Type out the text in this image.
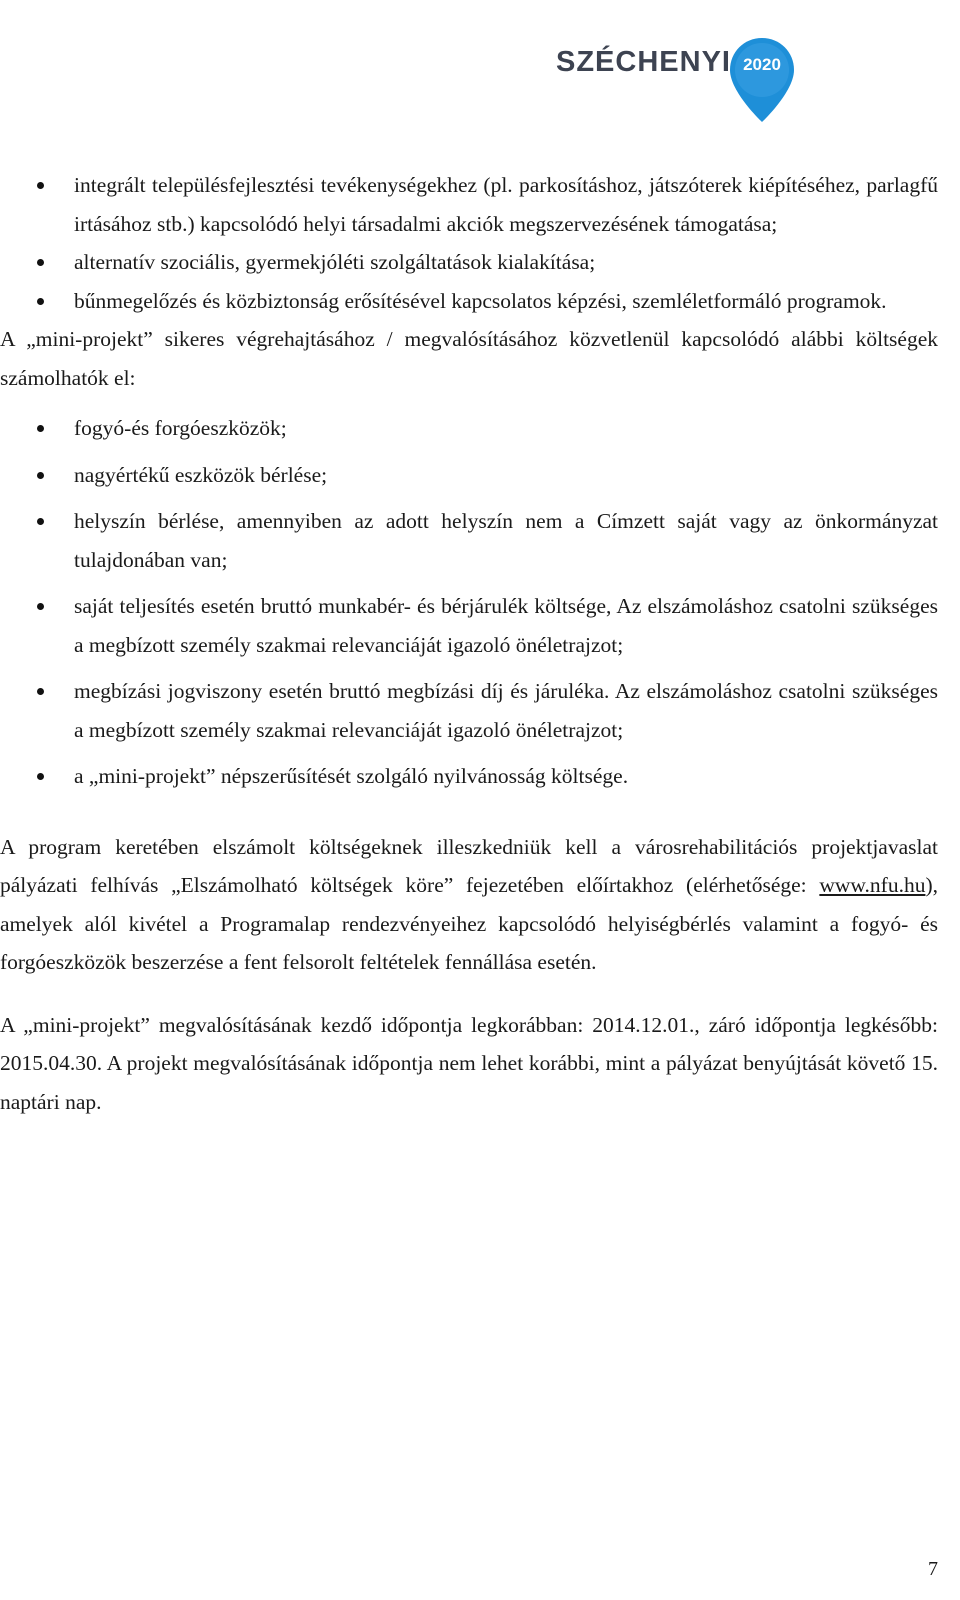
SZÉCHENYI 2020
integrált településfejlesztési tevékenységekhez (pl. parkosításhoz, játszóterek kiépítéséhez, parlagfű irtásához stb.) kapcsolódó helyi társadalmi akciók megszervezésének támogatása;
alternatív szociális, gyermekjóléti szolgáltatások kialakítása;
bűnmegelőzés és közbiztonság erősítésével kapcsolatos képzési, szemléletformáló programok.

A „mini-projekt” sikeres végrehajtásához / megvalósításához közvetlenül kapcsolódó alábbi költségek számolhatók el:

fogyó-és forgóeszközök;
nagyértékű eszközök bérlése;
helyszín bérlése, amennyiben az adott helyszín nem a Címzett saját vagy az önkormányzat tulajdonában van;
saját teljesítés esetén bruttó munkabér- és bérjárulék költsége, Az elszámoláshoz csatolni szükséges a megbízott személy szakmai relevanciáját igazoló önéletrajzot;
megbízási jogviszony esetén bruttó megbízási díj és járuléka. Az elszámoláshoz csatolni szükséges a megbízott személy szakmai relevanciáját igazoló önéletrajzot;
a „mini-projekt” népszerűsítését szolgáló nyilvánosság költsége.

A program keretében elszámolt költségeknek illeszkedniük kell a városrehabilitációs projektjavaslat pályázati felhívás „Elszámolható költségek köre” fejezetében előírtakhoz (elérhetősége: www.nfu.hu), amelyek alól kivétel a Programalap rendezvényeihez kapcsolódó helyiségbérlés valamint a fogyó- és forgóeszközök beszerzése a fent felsorolt feltételek fennállása esetén.

A „mini-projekt” megvalósításának kezdő időpontja legkorábban: 2014.12.01., záró időpontja legkésőbb: 2015.04.30. A projekt megvalósításának időpontja nem lehet korábbi, mint a pályázat benyújtását követő 15. naptári nap.

7
